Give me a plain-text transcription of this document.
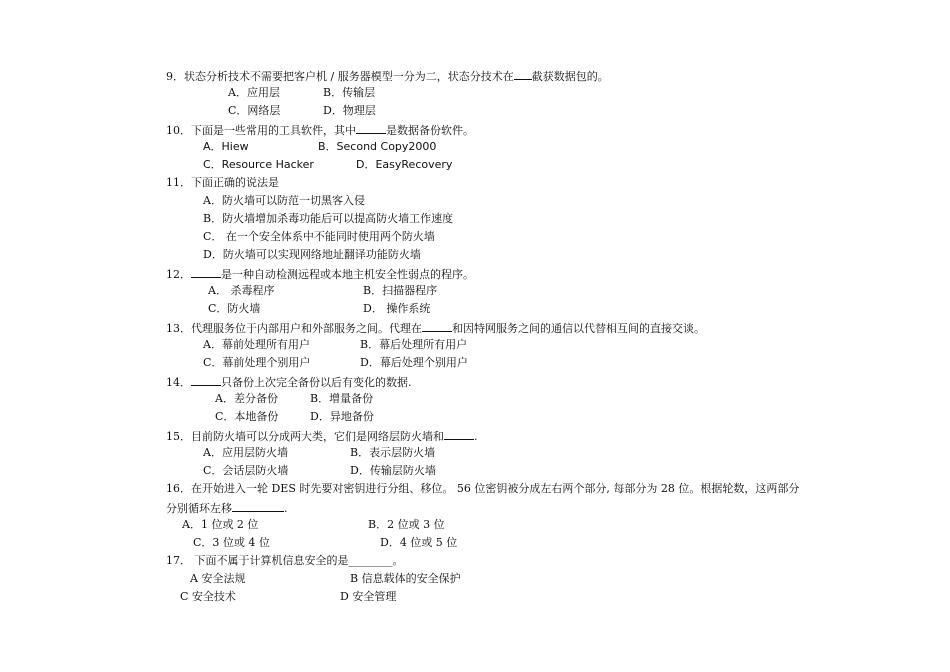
9．状态分析技术不需要把客户机 / 服务器模型一分为二，状态分技术在 截获数据包的。
A．应用层	B．传输层
C．网络层	D．物理层
10．下面是一些常用的工具软件，其中	是数据备份软件。
A．Hiew	B．Second Copy2000
C．Resource Hacker	D．EasyRecovery
11．下面正确的说法是
A．防火墙可以防范一切黑客入侵
B．防火墙增加杀毒功能后可以提高防火墙工作速度
C． 在一个安全体系中不能同时使用两个防火墙
D．防火墙可以实现网络地址翻译功能防火墙
12．	是一种自动检测远程或本地主机安全性弱点的程序。
A． 杀毒程序	B．扫描器程序
C．防火墙	D． 操作系统
13．代理服务位于内部用户和外部服务之间。代理在	和因特网服务之间的通信以代替相互间的直接交谈。
A．幕前处理所有用户	B．幕后处理所有用户
C．幕前处理个别用户	D．幕后处理个别用户
14．	只备份上次完全备份以后有变化的数据.
A．差分备份	B．增量备份
C．本地备份	D．异地备份
15．目前防火墙可以分成两大类，它们是网络层防火墙和	.
A．应用层防火墙	B．表示层防火墙
C．会话层防火墙	D．传输层防火墙
16．在开始进入一轮 DES 时先要对密钥进行分组、移位。 56 位密钥被分成左右两个部分, 每部分为 28 位。根据轮数，这两部分
分别循环左移	.
A．1 位或 2 位	B．2 位或 3 位
C．3 位或 4 位	D．4 位或 5 位
17． 下面不属于计算机信息安全的是________。
A 安全法规	B 信息载体的安全保护
C 安全技术	D 安全管理
